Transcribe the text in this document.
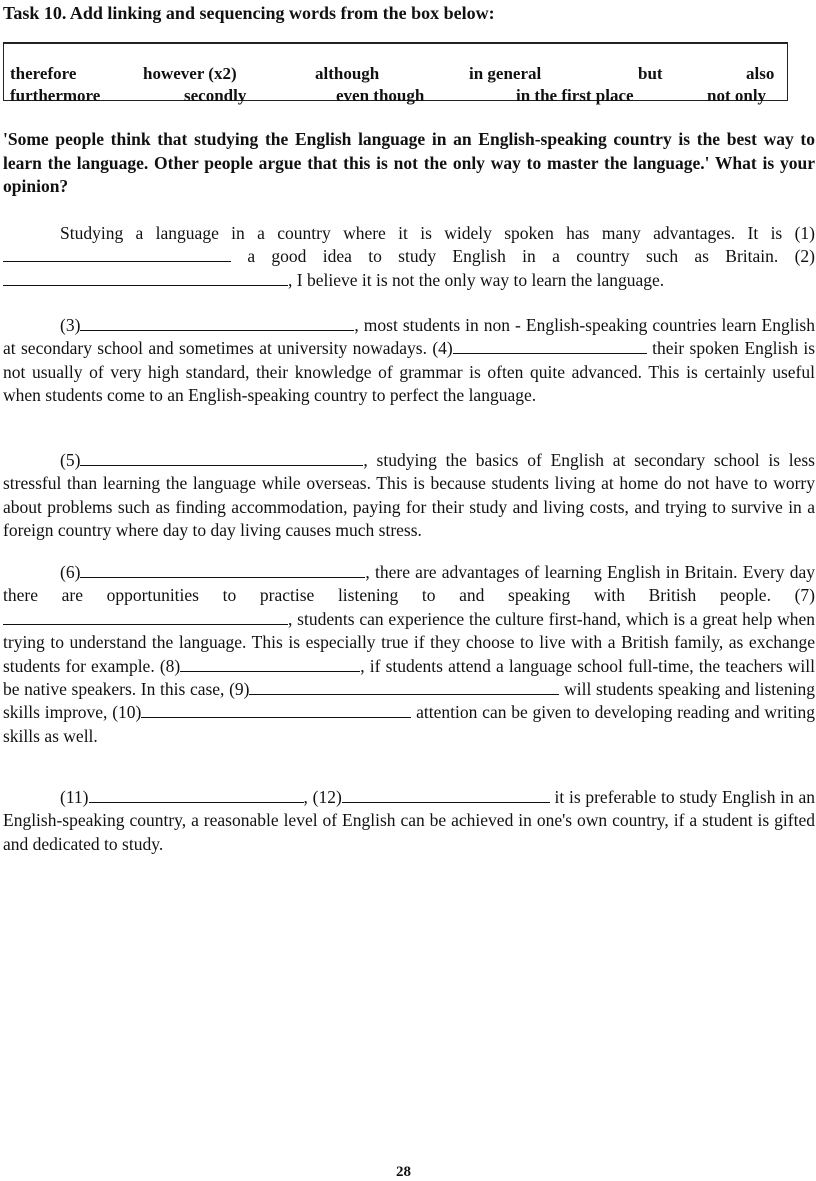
Task 10. Add linking and sequencing words from the box below:
therefore	however (x2)	although	in general	but	also
furthermore	secondly	even though	in the first place	not only
'Some people think that studying the English language in an English-speaking country is the best way to learn the language. Other people argue that this is not the only way to master the language.' What is your opinion?
Studying a language in a country where it is widely spoken has many advantages. It is (1) a good idea to study English in a country such as Britain. (2), I believe it is not the only way to learn the language.
(3)	, most students in non - English-speaking countries learn English at secondary school and sometimes at university nowadays. (4)	their spoken English is not usually of very high standard, their knowledge of grammar is often quite advanced. This is certainly useful when students come to an English-speaking country to perfect the language.
(5)	, studying the basics of English at secondary school is less stressful than learning the language while overseas. This is because students living at home do not have to worry about problems such as finding accommodation, paying for their study and living costs, and trying to survive in a foreign country where day to day living causes much stress.
(6)	, there are advantages of learning English in Britain. Every day there are opportunities to practise listening to and speaking with British people. (7), students can experience the culture first-hand, which is a great help when trying to understand the language. This is especially true if they choose to live with a British family, as exchange students for example. (8)	, if students attend a language school full-time, the teachers will be native speakers. In this case, (9)	will students speaking and listening skills improve, (10)	attention can be given to developing reading and writing skills as well.
(11)	, (12)	it is preferable to study English in an English-speaking country, a reasonable level of English can be achieved in one's own country, if a student is gifted and dedicated to study.
28
